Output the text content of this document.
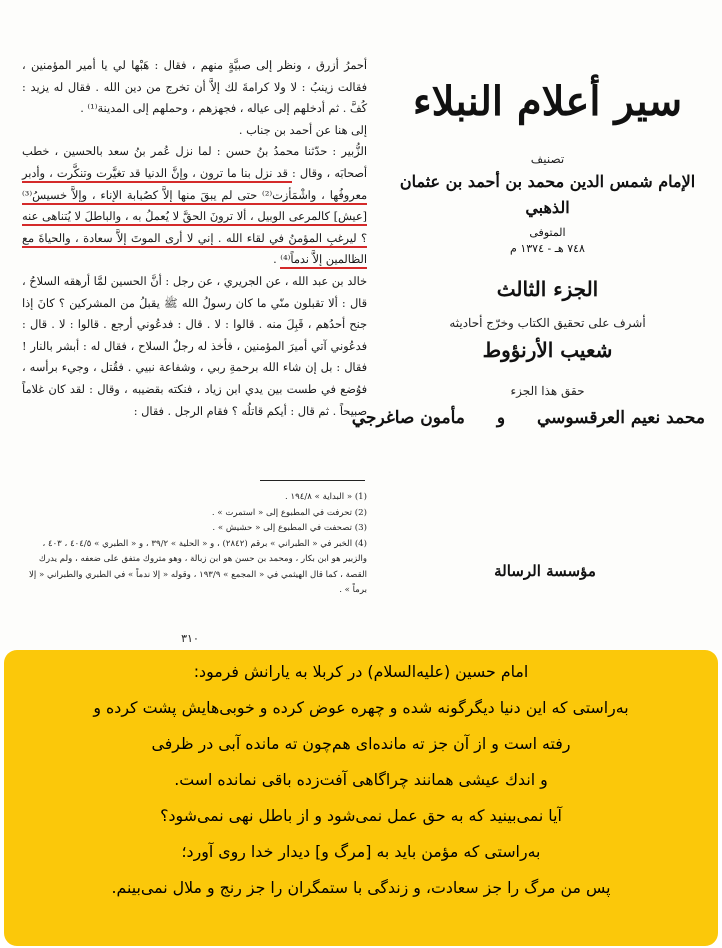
أحمرُ أزرق ، ونظر إلى صبيَّةٍ منهم ، فقال : هَبْها لي يا أمير المؤمنين ، فقالت زينبُ : لا ولا كرامةَ لك إلاَّ أن تخرج من دين الله . فقال له يزيد : كُفَّ . ثم أدخلهم إلى عياله ، فجهزهم ، وحملهم إلى المدينة⁽¹⁾ .

إلى هنا عن أحمد بن جناب .

الزُّبير : حدّثنا محمدُ بنُ حسن : لما نزل عُمر بنُ سعد بالحسين ، خطب أصحابَه ، وقال : قد نزل بنا ما ترون ، وإنَّ الدنيا قد تغيَّرت وتنكَّرت ، وأدبر معروفُها ، واشْمَأزت⁽²⁾ حتى لم يبقَ منها إلاَّ كصُبابة الإناء ، وإلاَّ خسيسُ⁽³⁾ [عيش] كالمرعى الوبيل ، ألا ترونَ الحقَّ لا يُعملُ به ، والباطلَ لا يُتناهى عنه ؟ ليرغبِ المؤمنُ في لقاء الله . إني لا أرى الموتَ إلاَّ سعادة ، والحياةَ مع الظالمين إلاَّ ندماً⁽⁴⁾ .

خالد بن عبد الله ، عن الجريري ، عن رجل : أنَّ الحسين لمَّا أرهقه السلاحُ ، قال : ألا تقبلون منّي ما كان رسولُ الله ﷺ يقبلُ من المشركين ؟ كانَ إذا جنح أحدُهم ، قَبِلَ منه . قالوا : لا . قال : فدعُوني أرجع . قالوا : لا . قال : فدعُوني آتي أميرَ المؤمنين ، فأخذ له رجلٌ السلاح ، فقال له : أبشر بالنار ! فقال : بل إن شاء الله برحمةِ ربي ، وشفاعة نبيي . فقُتل ، وجيء برأسه ، فوُضع في طست بين يدي ابن زياد ، فنكته بقضيبه ، وقال : لقد كان غلاماً صبيحاً . ثم قال : أيكم قاتلُه ؟ فقام الرجل . فقال :

(1) « البداية » ١٩٤/٨ .

(2) تحرفت في المطبوع إلى « استمرت » .

(3) تصحفت في المطبوع إلى « حشيش » .

(4) الخبر في « الطبراني » برقم (٢٨٤٢) ، و « الحلية » ٣٩/٢ ، و « الطبري » ٤٠٤/٥ ، ٤٠٣ ، والزبير هو ابن بكار ، ومحمد بن حسن هو ابن زبالة ، وهو متروك متفق على ضعفه ، ولم يدرك القصة ، كما قال الهيثمي في « المجمع » ١٩٣/٩ ، وقوله « إلا ندماً » في الطبري والطبراني « إلا برماً » .

٣١٠
سير أعلام النبلاء
تصنيف
الإمام شمس الدين محمد بن أحمد بن عثمان الذهبي
المتوفى
٧٤٨ هـ - ١٣٧٤ م
الجزء الثالث
أشرف على تحقيق الكتاب وخرّج أحاديثه
شعيب الأرنؤوط
حقق هذا الجزء
محمد نعيم العرقسوسي و مأمون صاغرجي
مؤسسة الرسالة

امام حسین (علیه‌السلام) در کربلا به یارانش فرمود:

به‌راستی که این دنیا دیگرگونه شده و چهره عوض کرده و خوبی‌هایش پشت کرده و

رفته است و از آن جز ته مانده‌ای هم‌چون ته مانده آبی در ظرفی

و اندك عیشی همانند چراگاهی آفت‌زده باقی نمانده است.

آیا نمی‌بینید که به حق عمل نمی‌شود و از باطل نهی نمی‌شود؟

به‌راستی که مؤمن باید به [مرگ و] دیدار خدا روی آورد؛

پس من مرگ را جز سعادت، و زندگی با ستمگران را جز رنج و ملال نمی‌بینم.
